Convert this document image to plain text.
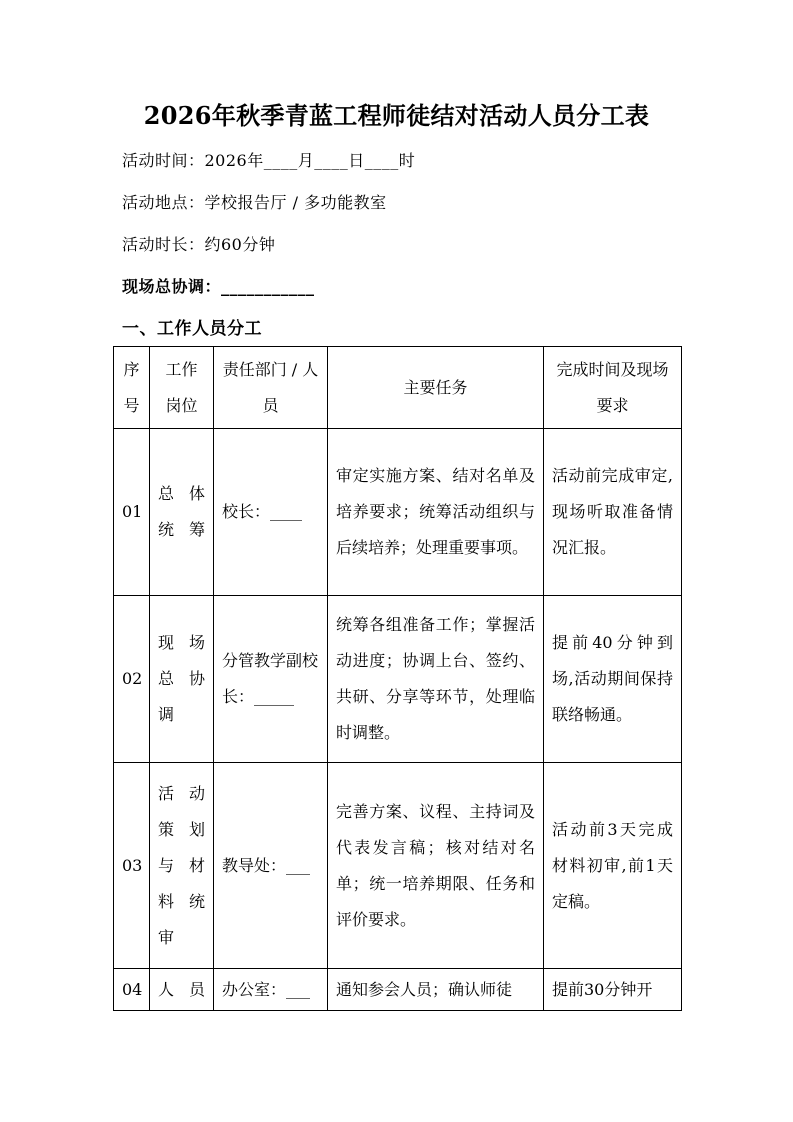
2026年秋季青蓝工程师徒结对活动人员分工表
活动时间：2026年____月____日____时
活动地点：学校报告厅 / 多功能教室
活动时长：约60分钟
现场总协调：___________
一、工作人员分工
序号	工作岗位	责任部门 / 人员	主要任务	完成时间及现场要求
01	总体统筹	校长：____	审定实施方案、结对名单及培养要求；统筹活动组织与后续培养；处理重要事项。	活动前完成审定,现场听取准备情况汇报。
02	现场总协调	分管教学副校长：_____	统筹各组准备工作；掌握活动进度；协调上台、签约、共研、分享等环节，处理临时调整。	提前40分钟到场,活动期间保持联络畅通。
03	活动策划与材料统审	教导处：___	完善方案、议程、主持词及代表发言稿；核对结对名单；统一培养期限、任务和评价要求。	活动前3天完成材料初审,前1天定稿。
04	人员	办公室：___	通知参会人员；确认师徒	提前30分钟开
